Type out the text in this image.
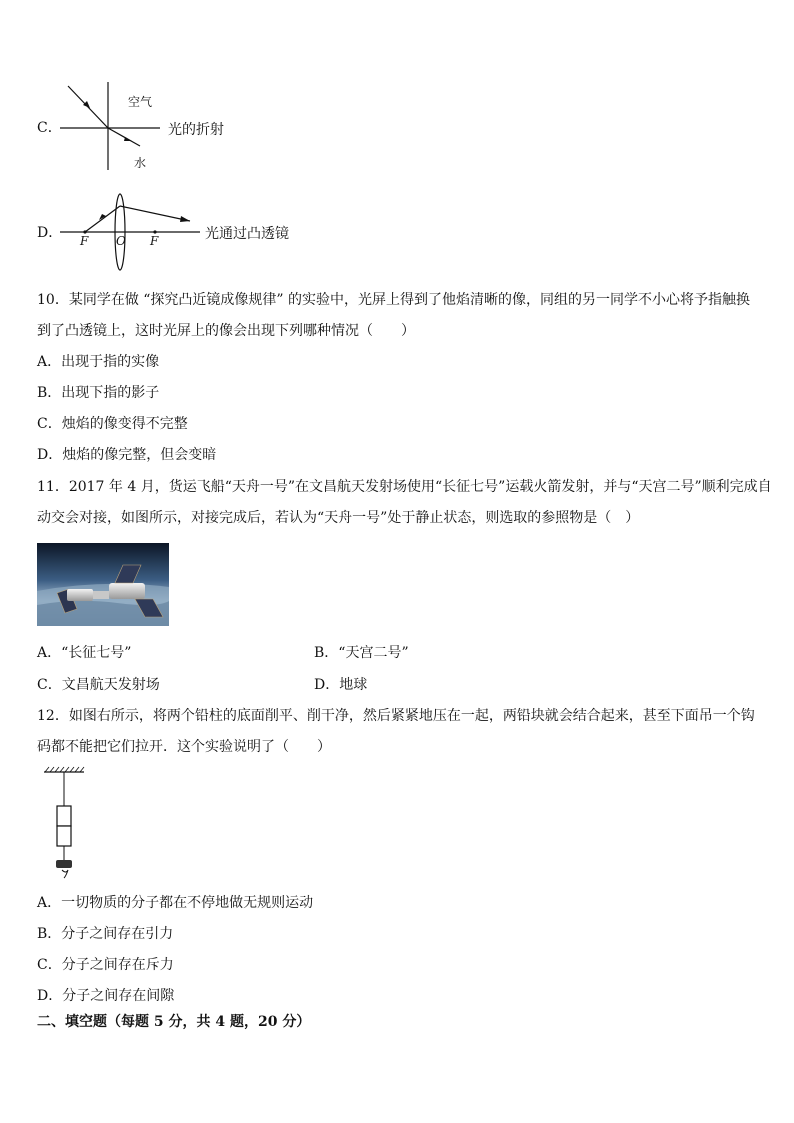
C．
空气
光的折射
水
D． F O F	光通过凸透镜
10．某同学在做 “探究凸近镜成像规律” 的实验中，光屏上得到了他焰清晰的像，同组的另一同学不小心将予指触换
到了凸透镜上，这时光屏上的像会出现下列哪种情况（　　）
A．出现于指的实像
B．出现下指的影子
C．烛焰的像变得不完整
D．烛焰的像完整，但会变暗
11．2017 年 4 月，货运飞船“天舟一号”在文昌航天发射场使用“长征七号”运载火箭发射，并与“天宫二号”顺利完成自
动交会对接，如图所示，对接完成后，若认为“天舟一号”处于静止状态，则选取的参照物是（　）
A．“长征七号”	B．“天宫二号”
C．文昌航天发射场	D．地球
12．如图右所示，将两个铅柱的底面削平、削干净，然后紧紧地压在一起，两铅块就会结合起来，甚至下面吊一个钩
码都不能把它们拉开．这个实验说明了（　　）
A．一切物质的分子都在不停地做无规则运动
B．分子之间存在引力
C．分子之间存在斥力
D．分子之间存在间隙
二、填空题（每题 5 分，共 4 题，20 分）
